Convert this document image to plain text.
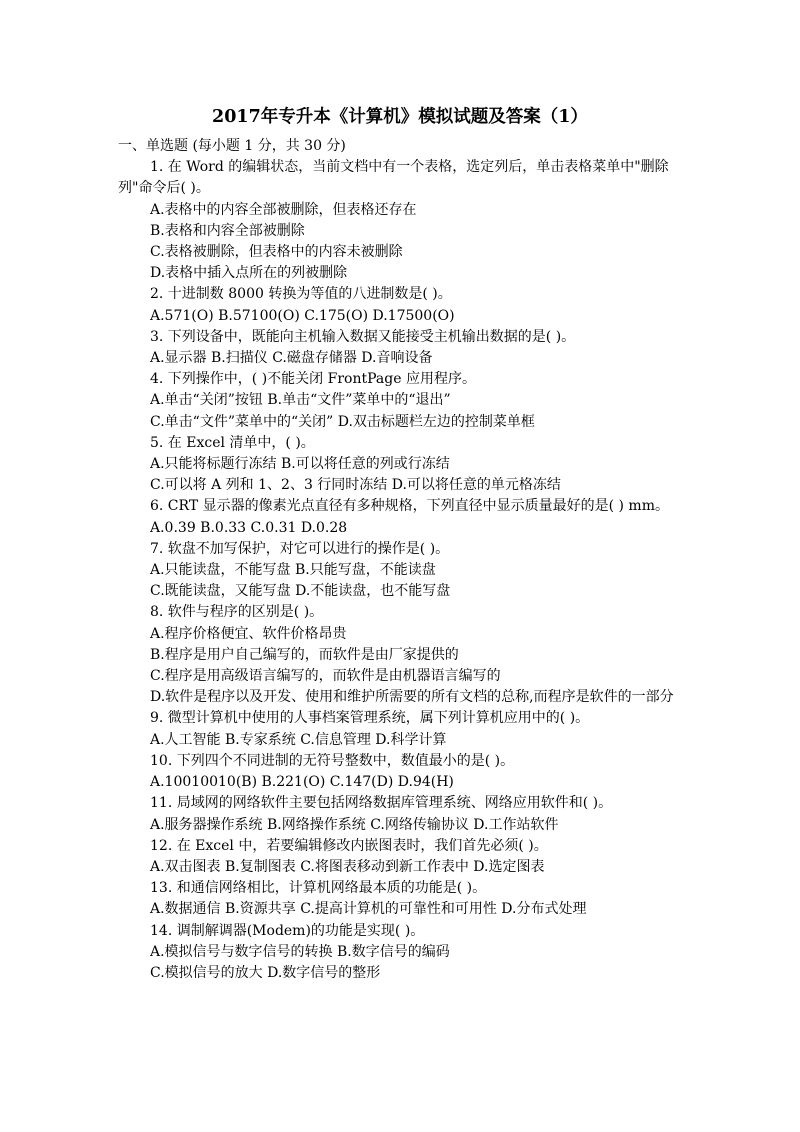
2017年专升本《计算机》模拟试题及答案（1）

一、单选题 (每小题 1 分，共 30 分)

1. 在 Word 的编辑状态，当前文档中有一个表格，选定列后，单击表格菜单中"删除列"命令后( )。

A.表格中的内容全部被删除，但表格还存在

B.表格和内容全部被删除

C.表格被删除，但表格中的内容未被删除

D.表格中插入点所在的列被删除

2. 十进制数 8000 转换为等值的八进制数是( )。

A.571(O) B.57100(O) C.175(O) D.17500(O)

3. 下列设备中，既能向主机输入数据又能接受主机输出数据的是( )。

A.显示器 B.扫描仪 C.磁盘存储器 D.音响设备

4. 下列操作中，( )不能关闭 FrontPage 应用程序。

A.单击“关闭”按钮 B.单击“文件”菜单中的“退出”

C.单击“文件”菜单中的“关闭” D.双击标题栏左边的控制菜单框

5. 在 Excel 清单中，( )。

A.只能将标题行冻结 B.可以将任意的列或行冻结

C.可以将 A 列和 1、2、3 行同时冻结 D.可以将任意的单元格冻结

6. CRT 显示器的像素光点直径有多种规格，下列直径中显示质量最好的是( ) mm。

A.0.39 B.0.33 C.0.31 D.0.28

7. 软盘不加写保护，对它可以进行的操作是( )。

A.只能读盘，不能写盘 B.只能写盘，不能读盘

C.既能读盘，又能写盘 D.不能读盘，也不能写盘

8. 软件与程序的区别是( )。

A.程序价格便宜、软件价格昂贵

B.程序是用户自己编写的，而软件是由厂家提供的

C.程序是用高级语言编写的，而软件是由机器语言编写的

D.软件是程序以及开发、使用和维护所需要的所有文档的总称,而程序是软件的一部分

9. 微型计算机中使用的人事档案管理系统，属下列计算机应用中的( )。

A.人工智能 B.专家系统 C.信息管理 D.科学计算

10. 下列四个不同进制的无符号整数中，数值最小的是( )。

A.10010010(B) B.221(O) C.147(D) D.94(H)

11. 局域网的网络软件主要包括网络数据库管理系统、网络应用软件和( )。

A.服务器操作系统 B.网络操作系统 C.网络传输协议 D.工作站软件

12. 在 Excel 中，若要编辑修改内嵌图表时，我们首先必须( )。

A.双击图表 B.复制图表 C.将图表移动到新工作表中 D.选定图表

13. 和通信网络相比，计算机网络最本质的功能是( )。

A.数据通信 B.资源共享 C.提高计算机的可靠性和可用性 D.分布式处理

14. 调制解调器(Modem)的功能是实现( )。

A.模拟信号与数字信号的转换 B.数字信号的编码

C.模拟信号的放大 D.数字信号的整形
